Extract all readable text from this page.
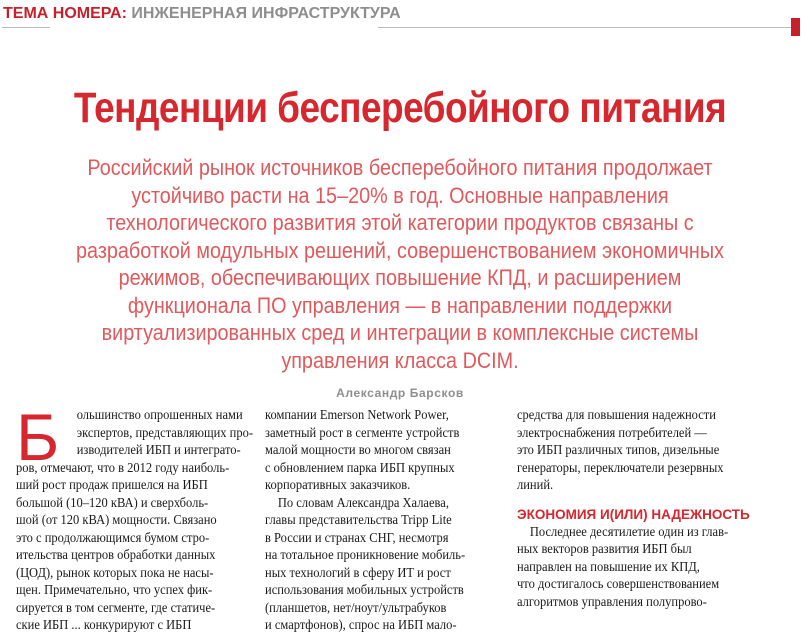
ТЕМА НОМЕРА: ИНЖЕНЕРНАЯ ИНФРАСТРУКТУРА
Тенденции бесперебойного питания
Российский рынок источников бесперебойного питания продолжает
устойчиво расти на 15–20% в год. Основные направления
технологического развития этой категории продуктов связаны с
разработкой модульных решений, совершенствованием экономичных
режимов, обеспечивающих повышение КПД, и расширением
функционала ПО управления — в направлении поддержки
виртуализированных сред и интеграции в комплексные системы
управления класса DCIM.
Александр Барсков
Б	ольшинство опрошенных нами
экспертов, представляющих про-
изводителей ИБП и интеграто-
ров, отмечают, что в 2012 году наиболь-
ший рост продаж пришелся на ИБП
большой (10–120 кВА) и сверхболь-
шой (от 120 кВА) мощности. Связано
это с продолжающимся бумом стро-
ительства центров обработки данных
(ЦОД), рынок которых пока не насы-
щен. Примечательно, что успех фик-
сируется в том сегменте, где статиче-
ские ИБП ... конкурируют с ИБП
компании Emerson Network Power,
заметный рост в сегменте устройств
малой мощности во многом связан
с обновлением парка ИБП крупных
корпоративных заказчиков.
По словам Александра Халаева,
главы представительства Tripp Lite
в России и странах СНГ, несмотря
на тотальное проникновение мобиль-
ных технологий в сферу ИТ и рост
использования мобильных устройств
(планшетов, нет/ноут/ультрабуков
и смартфонов), спрос на ИБП мало-
средства для повышения надежности
электроснабжения потребителей —
это ИБП различных типов, дизельные
генераторы, переключатели резервных
линий.
ЭКОНОМИЯ И(ИЛИ) НАДЕЖНОСТЬ
Последнее десятилетие один из глав-
ных векторов развития ИБП был
направлен на повышение их КПД,
что достигалось совершенствованием
алгоритмов управления полупрово-
